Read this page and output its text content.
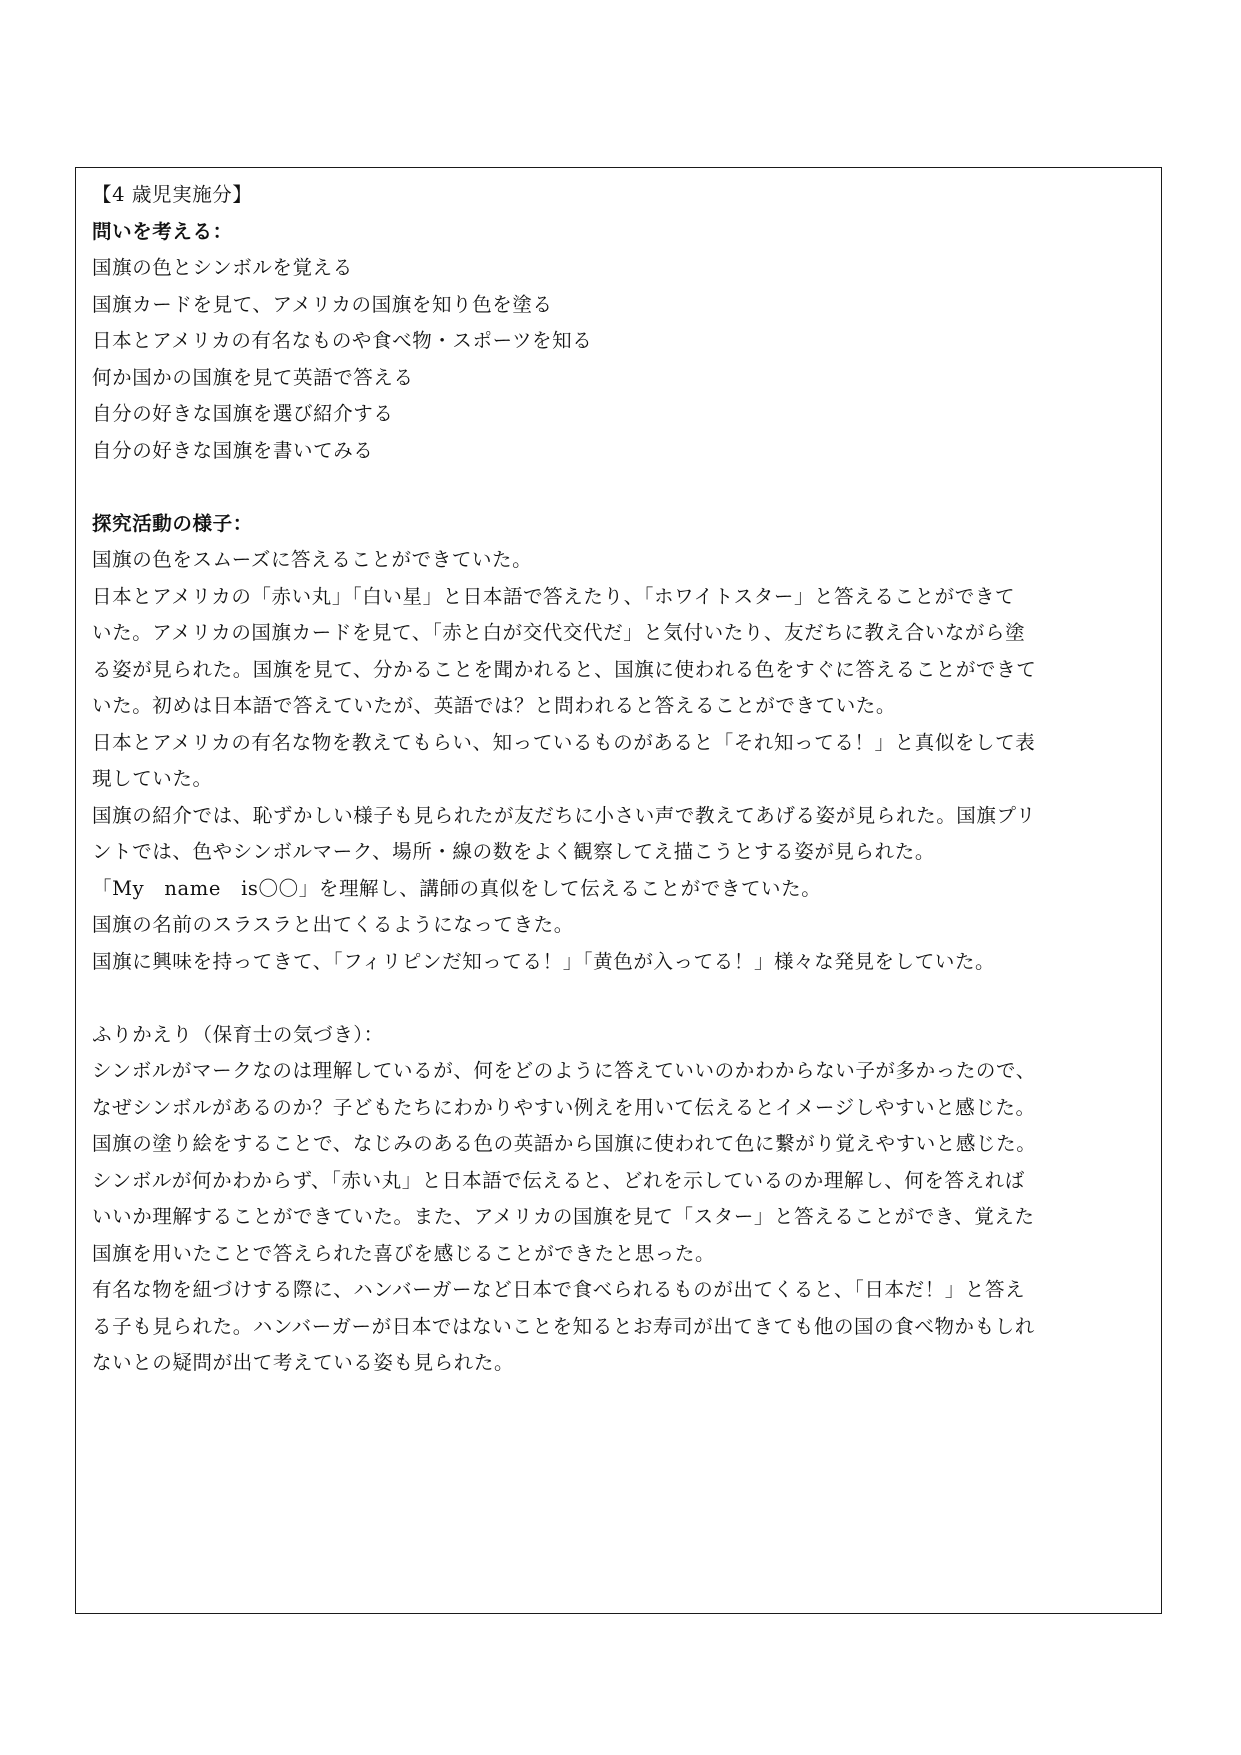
【4 歳児実施分】
問いを考える：
国旗の色とシンボルを覚える
国旗カードを見て、アメリカの国旗を知り色を塗る
日本とアメリカの有名なものや食べ物・スポーツを知る
何か国かの国旗を見て英語で答える
自分の好きな国旗を選び紹介する
自分の好きな国旗を書いてみる
探究活動の様子：
国旗の色をスムーズに答えることができていた。
日本とアメリカの「赤い丸」「白い星」と日本語で答えたり、「ホワイトスター」と答えることができて
いた。アメリカの国旗カードを見て、「赤と白が交代交代だ」と気付いたり、友だちに教え合いながら塗
る姿が見られた。国旗を見て、分かることを聞かれると、国旗に使われる色をすぐに答えることができて
いた。初めは日本語で答えていたが、英語では？と問われると答えることができていた。
日本とアメリカの有名な物を教えてもらい、知っているものがあると「それ知ってる！」と真似をして表
現していた。
国旗の紹介では、恥ずかしい様子も見られたが友だちに小さい声で教えてあげる姿が見られた。国旗プリ
ントでは、色やシンボルマーク、場所・線の数をよく観察してえ描こうとする姿が見られた。
「My　name　is〇〇」を理解し、講師の真似をして伝えることができていた。
国旗の名前のスラスラと出てくるようになってきた。
国旗に興味を持ってきて、「フィリピンだ知ってる！」「黄色が入ってる！」様々な発見をしていた。
ふりかえり（保育士の気づき）：
シンボルがマークなのは理解しているが、何をどのように答えていいのかわからない子が多かったので、
なぜシンボルがあるのか？子どもたちにわかりやすい例えを用いて伝えるとイメージしやすいと感じた。
国旗の塗り絵をすることで、なじみのある色の英語から国旗に使われて色に繋がり覚えやすいと感じた。
シンボルが何かわからず、「赤い丸」と日本語で伝えると、どれを示しているのか理解し、何を答えれば
いいか理解することができていた。また、アメリカの国旗を見て「スター」と答えることができ、覚えた
国旗を用いたことで答えられた喜びを感じることができたと思った。
有名な物を紐づけする際に、ハンバーガーなど日本で食べられるものが出てくると、「日本だ！」と答え
る子も見られた。ハンバーガーが日本ではないことを知るとお寿司が出てきても他の国の食べ物かもしれ
ないとの疑問が出て考えている姿も見られた。
